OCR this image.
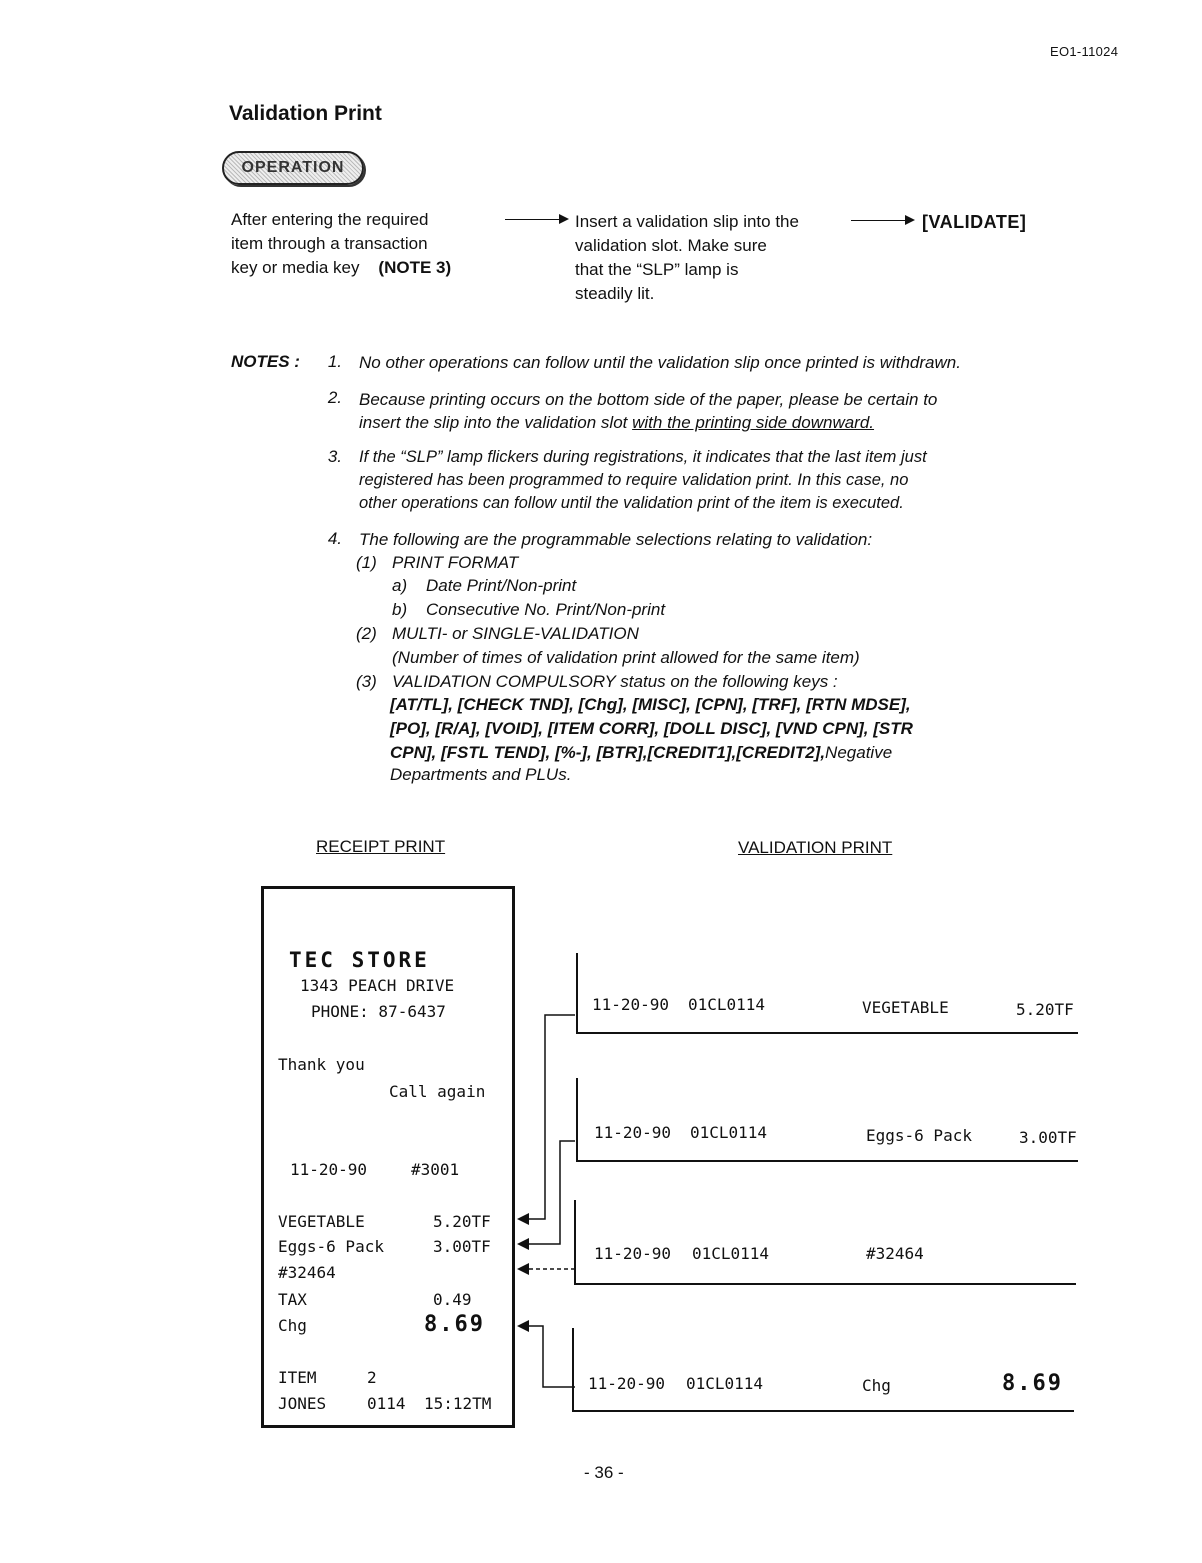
EO1-11024
Validation Print
OPERATION
After entering the required
item through a transaction
key or media key (NOTE 3)
Insert a validation slip into the
validation slot. Make sure
that the “SLP” lamp is
steadily lit.
[VALIDATE]
NOTES :	1. No other operations can follow until the validation slip once printed is withdrawn.
2. Because printing occurs on the bottom side of the paper, please be certain to
insert the slip into the validation slot with the printing side downward.
3. If the “SLP” lamp flickers during registrations, it indicates that the last item just
registered has been programmed to require validation print. In this case, no
other operations can follow until the validation print of the item is executed.
4. The following are the programmable selections relating to validation:
(1) PRINT FORMAT
a) Date Print/Non-print
b) Consecutive No. Print/Non-print
(2) MULTI- or SINGLE-VALIDATION
(Number of times of validation print allowed for the same item)
(3) VALIDATION COMPULSORY status on the following keys :
[AT/TL], [CHECK TND], [Chg], [MISC], [CPN], [TRF], [RTN MDSE],
[PO], [R/A], [VOID], [ITEM CORR], [DOLL DISC], [VND CPN], [STR
CPN], [FSTL TEND], [%-], [BTR],[CREDIT1],[CREDIT2],Negative
Departments and PLUs.
RECEIPT PRINT	VALIDATION PRINT
TEC STORE
1343 PEACH DRIVE
PHONE: 87-6437
Thank you
Call again
11-20-90	#3001
VEGETABLE	5.20TF
Eggs-6 Pack	3.00TF
#32464
TAX	0.49
Chg	8.69
ITEM	2
JONES	0114 15:12TM
11-20-90 01CL0114	VEGETABLE	5.20TF
11-20-90 01CL0114	Eggs-6 Pack	3.00TF
11-20-90 01CL0114	#32464
11-20-90 01CL0114	Chg	8.69
- 36 -
